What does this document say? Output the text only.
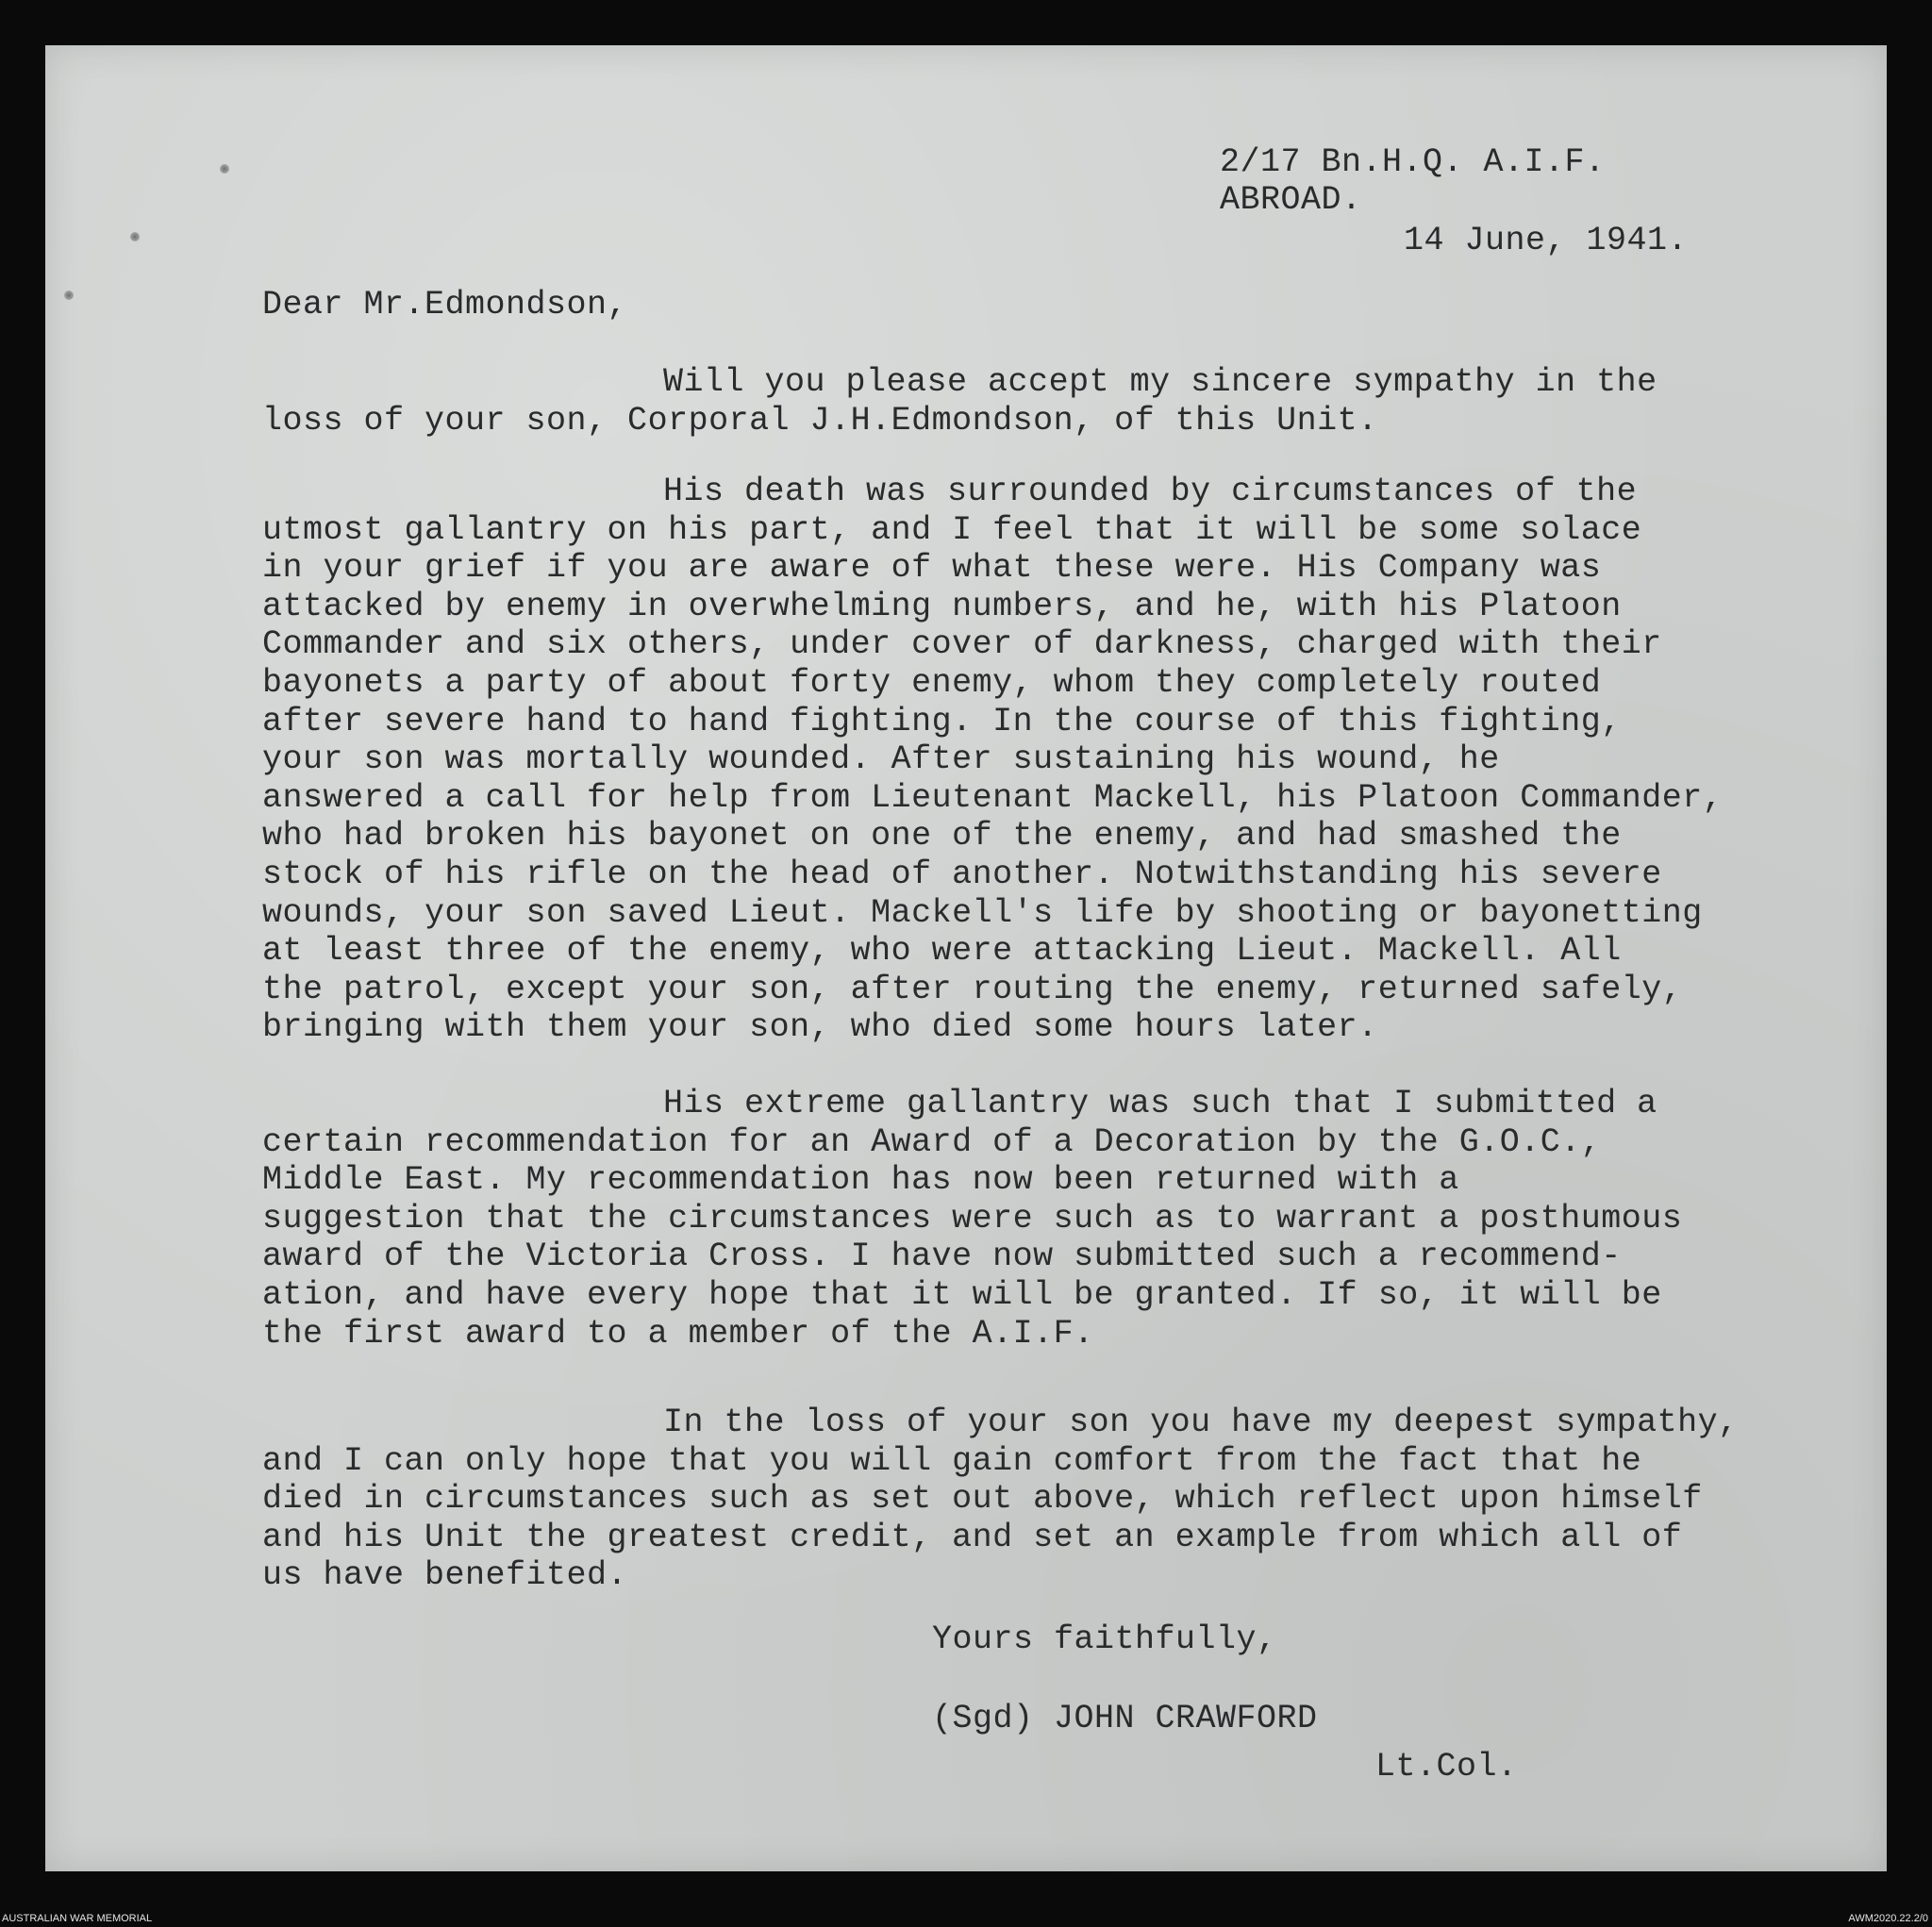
2/17 Bn.H.Q. A.I.F.

ABROAD.

14 June, 1941.

Dear Mr.Edmondson,

Will you please accept my sincere sympathy in the
loss of your son, Corporal J.H.Edmondson, of this Unit.
His death was surrounded by circumstances of the
utmost gallantry on his part, and I feel that it will be some solace
in your grief if you are aware of what these were. His Company was
attacked by enemy in overwhelming numbers, and he, with his Platoon
Commander and six others, under cover of darkness, charged with their
bayonets a party of about forty enemy, whom they completely routed
after severe hand to hand fighting. In the course of this fighting,
your son was mortally wounded. After sustaining his wound, he
answered a call for help from Lieutenant Mackell, his Platoon Commander,
who had broken his bayonet on one of the enemy, and had smashed the
stock of his rifle on the head of another. Notwithstanding his severe
wounds, your son saved Lieut. Mackell's life by shooting or bayonetting
at least three of the enemy, who were attacking Lieut. Mackell. All
the patrol, except your son, after routing the enemy, returned safely,
bringing with them your son, who died some hours later.
His extreme gallantry was such that I submitted a
certain recommendation for an Award of a Decoration by the G.O.C.,
Middle East. My recommendation has now been returned with a
suggestion that the circumstances were such as to warrant a posthumous
award of the Victoria Cross. I have now submitted such a recommend-
ation, and have every hope that it will be granted. If so, it will be
the first award to a member of the A.I.F.
In the loss of your son you have my deepest sympathy,
and I can only hope that you will gain comfort from the fact that he
died in circumstances such as set out above, which reflect upon himself
and his Unit the greatest credit, and set an example from which all of
us have benefited.

Yours faithfully,

(Sgd) JOHN CRAWFORD

Lt.Col.

AUSTRALIAN WAR MEMORIAL	AWM2020.22.2/0
